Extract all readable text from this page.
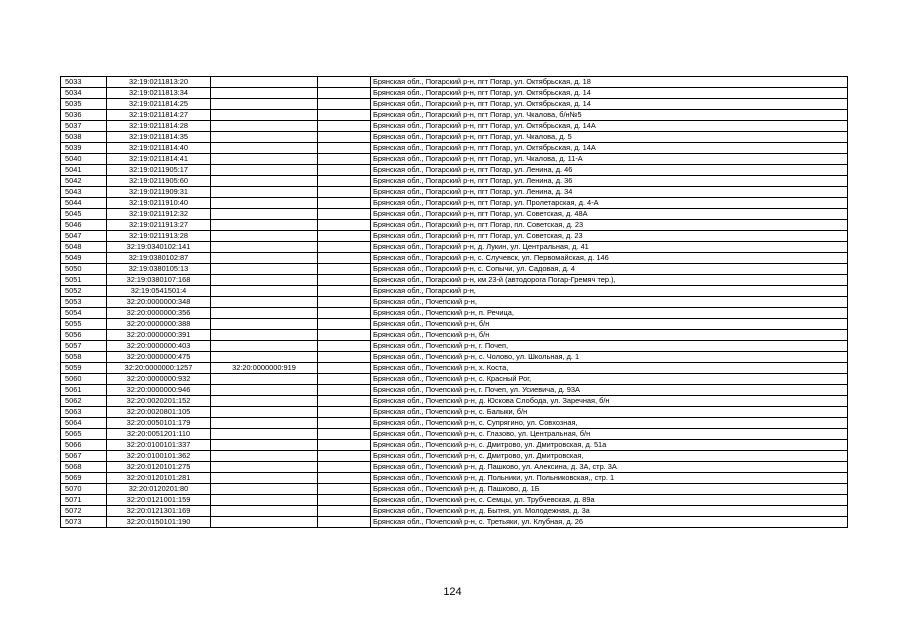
5033	32:19:0211813:20			Брянская обл., Погарский р-н, пгт Погар, ул. Октябрьская, д. 18
5034	32:19:0211813:34			Брянская обл., Погарский р-н, пгт Погар, ул. Октябрьская, д. 14
5035	32:19:0211814:25			Брянская обл., Погарский р-н, пгт Погар, ул. Октябрьская, д. 14
5036	32:19:0211814:27			Брянская обл., Погарский р-н, пгт Погар, ул. Чкалова, б/н№5
5037	32:19:0211814:28			Брянская обл., Погарский р-н, пгт Погар, ул. Октябрьская, д. 14А
5038	32:19:0211814:35			Брянская обл., Погарский р-н, пгт Погар, ул. Чкалова, д. 5
5039	32:19:0211814:40			Брянская обл., Погарский р-н, пгт Погар, ул. Октябрьская, д. 14А
5040	32:19:0211814:41			Брянская обл., Погарский р-н, пгт Погар, ул. Чкалова, д. 11-А
5041	32:19:0211905:17			Брянская обл., Погарский р-н, пгт Погар, ул. Ленина, д. 46
5042	32:19:0211905:60			Брянская обл., Погарский р-н, пгт Погар, ул. Ленина, д. 36
5043	32:19:0211909:31			Брянская обл., Погарский р-н, пгт Погар, ул. Ленина, д. 34
5044	32:19:0211910:40			Брянская обл., Погарский р-н, пгт Погар, ул. Пролетарская, д. 4-А
5045	32:19:0211912:32			Брянская обл., Погарский р-н, пгт Погар, ул. Советская, д. 48А
5046	32:19:0211913:27			Брянская обл., Погарский р-н, пгт Погар, пл. Советская, д. 23
5047	32:19:0211913:28			Брянская обл., Погарский р-н, пгт Погар, ул. Советская, д. 23
5048	32:19:0340102:141			Брянская обл., Погарский р-н, д. Лукин, ул. Центральная, д. 41
5049	32:19:0380102:87			Брянская обл., Погарский р-н, с. Случевск, ул. Первомайская, д. 146
5050	32:19:0380105:13			Брянская обл., Погарский р-н, с. Сопычи, ул. Садовая, д. 4
5051	32:19:0380107:168			Брянская обл., Погарский р-н, км 23-й (автодорога Погар-Гремяч тер.),
5052	32:19:0541501:4			Брянская обл., Погарский р-н,
5053	32:20:0000000:348			Брянская обл., Почепский р-н,
5054	32:20:0000000:356			Брянская обл., Почепский р-н, п. Речица,
5055	32:20:0000000:388			Брянская обл., Почепский р-н, б/н
5056	32:20:0000000:391			Брянская обл., Почепский р-н, б/н
5057	32:20:0000000:403			Брянская обл., Почепский р-н, г. Почеп,
5058	32:20:0000000:475			Брянская обл., Почепский р-н, с. Чолово, ул. Школьная, д. 1
5059	32:20:0000000:1257	32:20:0000000:919		Брянская обл., Почепский р-н, х. Коста,
5060	32:20:0000000:932			Брянская обл., Почепский р-н, с. Красный Рог,
5061	32:20:0000000:946			Брянская обл., Почепский р-н, г. Почеп, ул. Усиевича, д. 93А
5062	32:20:0020201:152			Брянская обл., Почепский р-н, д. Юскова Слобода, ул. Заречная, б/н
5063	32:20:0020801:105			Брянская обл., Почепский р-н, с. Балыки, б/н
5064	32:20:0050101:179			Брянская обл., Почепский р-н, с. Супрягино, ул. Совхозная,
5065	32:20:0051201:110			Брянская обл., Почепский р-н, с. Глазово, ул. Центральная, б/н
5066	32:20:0100101:337			Брянская обл., Почепский р-н, с. Дмитрово, ул. Дмитровская, д. 51а
5067	32:20:0100101:362			Брянская обл., Почепский р-н, с. Дмитрово, ул. Дмитровская,
5068	32:20:0120101:275			Брянская обл., Почепский р-н, д. Пашково, ул. Алексина, д. 3А, стр. 3А
5069	32:20:0120101:281			Брянская обл., Почепский р-н, д. Польники, ул. Польниковская,, стр. 1
5070	32:20:0120201:80			Брянская обл., Почепский р-н, д. Пашково, д. 1Б
5071	32:20:0121001:159			Брянская обл., Почепский р-н, с. Семцы, ул. Трубчевская, д. 89а
5072	32:20:0121301:169			Брянская обл., Почепский р-н, д. Бытня, ул. Молодежная, д. 3а
5073	32:20:0150101:190			Брянская обл., Почепский р-н, с. Третьяки, ул. Клубная, д. 26
124
